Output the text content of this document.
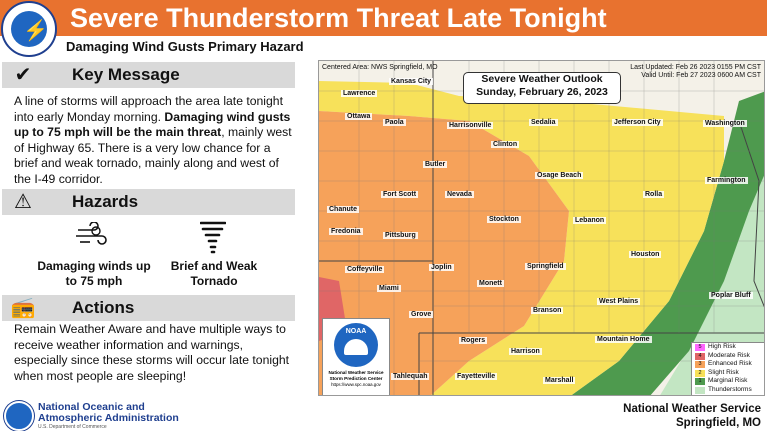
⚡ Severe Thunderstorm Threat Late Tonight
Damaging Wind Gusts Primary Hazard
✔ Key Message
A line of storms will approach the area late tonight into early Monday morning. Damaging wind gusts up to 75 mph will be the main threat, mainly west of Highway 65. There is a very low chance for a brief and weak tornado, mainly along and west of the I-49 corridor.
⚠ Hazards
Damaging winds up to 75 mph
Brief and Weak Tornado
📻 Actions
Remain Weather Aware and have multiple ways to receive weather information and warnings, especially since these storms will occur late tonight when most people are sleeping!
Centered Area: NWS Springfield, MO	Last Updated: Feb 26 2023 0155 PM CST
Valid Until: Feb 27 2023 0600 AM CST
Severe Weather Outlook
Sunday, February 26, 2023
Kansas City
Lawrence
Ottawa
Paola	Harrisonville	Sedalia	Jefferson City	Washington
Clinton
Butler
Osage Beach
Fort Scott	Nevada	Rolla
Chanute
Stockton	Lebanon
Farmington
Fredonia
Pittsburg
Houston
Coffeyville	Joplin	Springfield
Miami
Monett
West Plains
Poplar Bluff
Grove
Branson
Rogers	Mountain Home
Harrison
Tahlequah	Fayetteville
Marshall
NOAA
National Weather Service
Storm Prediction Center
https://www.spc.noaa.gov
5 High Risk
4 Moderate Risk
3 Enhanced Risk
2 Slight Risk
1 Marginal Risk
Thunderstorms
National Oceanic and
Atmospheric Administration
U.S. Department of Commerce
National Weather Service
Springfield, MO
